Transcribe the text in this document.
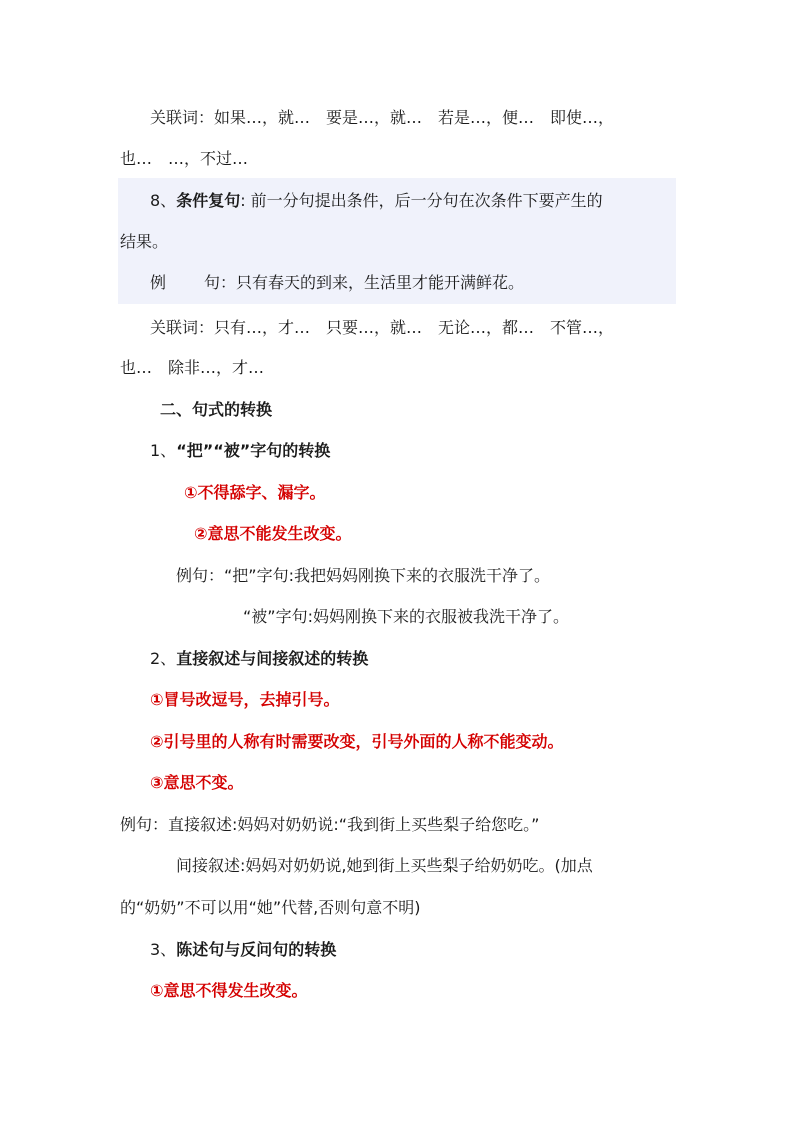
关联词：如果…，就…　要是…，就…　若是…，便…　即使…，
也…　…，不过…
8、条件复句: 前一分句提出条件，后一分句在次条件下要产生的
结果。
例 句：只有春天的到来，生活里才能开满鲜花。
关联词：只有…，才…　只要…，就…　无论…，都…　不管…，
也…　除非…，才…
二、句式的转换
1、“把”“被”字句的转换
①不得舔字、漏字。
②意思不能发生改变。
例句：“把”字句:我把妈妈刚换下来的衣服洗干净了。
“被”字句:妈妈刚换下来的衣服被我洗干净了。
2、直接叙述与间接叙述的转换
①冒号改逗号，去掉引号。
②引号里的人称有时需要改变，引号外面的人称不能变动。
③意思不变。
例句：直接叙述:妈妈对奶奶说:“我到街上买些梨子给您吃。”
间接叙述:妈妈对奶奶说,她到街上买些梨子给奶奶吃。(加点
的“奶奶”不可以用“她”代替,否则句意不明)
3、陈述句与反问句的转换
①意思不得发生改变。
